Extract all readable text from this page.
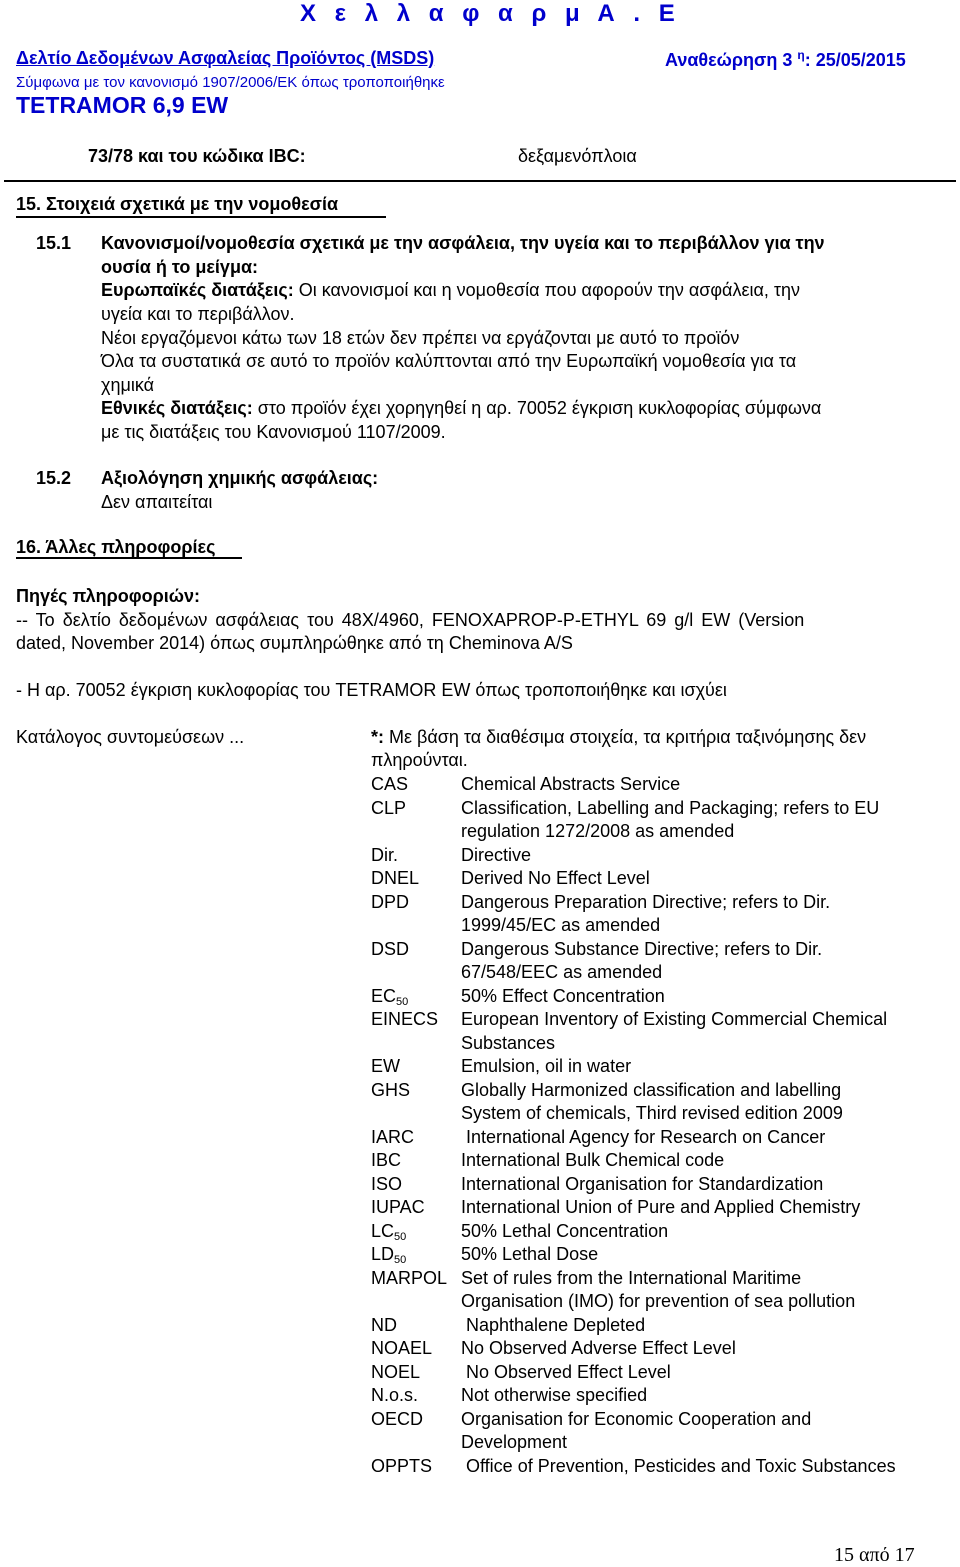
Χ ε λ λ α φ α ρ μ Α . Ε
Δελτίο Δεδομένων Ασφαλείας Προϊόντος (MSDS)	Αναθεώρηση 3 $^\eta$: 25/05/2015
Σύμφωνα με τον κανονισμό 1907/2006/ΕΚ όπως τροποποιήθηκε
TETRAMOR 6,9 EW
73/78 και του κώδικα IBC:	δεξαμενόπλοια
15. Στοιχειά σχετικά με την νομοθεσία
15.1 Κανονισμοί/νομοθεσία σχετικά με την ασφάλεια, την υγεία και το περιβάλλον για την
ουσία ή το μείγμα:
Ευρωπαϊκές διατάξεις: Οι κανονισμοί και η νομοθεσία που αφορούν την ασφάλεια, την
υγεία και το περιβάλλον.
Νέοι εργαζόμενοι κάτω των 18 ετών δεν πρέπει να εργάζονται με αυτό το προϊόν
Όλα τα συστατικά σε αυτό το προϊόν καλύπτονται από την Ευρωπαϊκή νομοθεσία για τα
χημικά
Εθνικές διατάξεις: στο προϊόν έχει χορηγηθεί η αρ. 70052 έγκριση κυκλοφορίας σύμφωνα
με τις διατάξεις του Κανονισμού 1107/2009.
15.2 Αξιολόγηση χημικής ασφάλειας:
Δεν απαιτείται
16. Άλλες πληροφορίες
Πηγές πληροφοριών:
-- Το δελτίο δεδομένων ασφάλειας του 48Χ/4960, FENOXAPROP-P-ETHYL 69 g/l EW (Version
dated, November 2014) όπως συμπληρώθηκε από τη Cheminova A/S
- Η αρ. 70052 έγκριση κυκλοφορίας του TETRAMOR EW όπως τροποποιήθηκε και ισχύει
Κατάλογος συντομεύσεων ...	*: Με βάση τα διαθέσιμα στοιχεία, τα κριτήρια ταξινόμησης δεν
πληρούνται.
CAS	Chemical Abstracts Service
CLP	Classification, Labelling and Packaging; refers to EU
regulation 1272/2008 as amended
Dir.	Directive
DNEL Derived No Effect Level
DPD	Dangerous Preparation Directive; refers to Dir.
1999/45/EC as amended
DSD	Dangerous Substance Directive; refers to Dir.
67/548/EEC as amended
$EC_{50}$	50% Effect Concentration
EINECS European Inventory of Existing Commercial Chemical
Substances
EW	Emulsion, oil in water
GHS	Globally Harmonized classification and labelling
System of chemicals, Third revised edition 2009
IARC	International Agency for Research on Cancer
IBC	International Bulk Chemical code
ISO	International Organisation for Standardization
IUPAC International Union of Pure and Applied Chemistry
$LC_{50}$	50% Lethal Concentration
$LD_{50}$	50% Lethal Dose
MARPOL Set of rules from the International Maritime
Organisation (IMO) for prevention of sea pollution
ND	Naphthalene Depleted
NOAEL No Observed Adverse Effect Level
NOEL No Observed Effect Level
N.o.s. Not otherwise specified
OECD Organisation for Economic Cooperation and
Development
OPPTS Office of Prevention, Pesticides and Toxic Substances
15 από 17
